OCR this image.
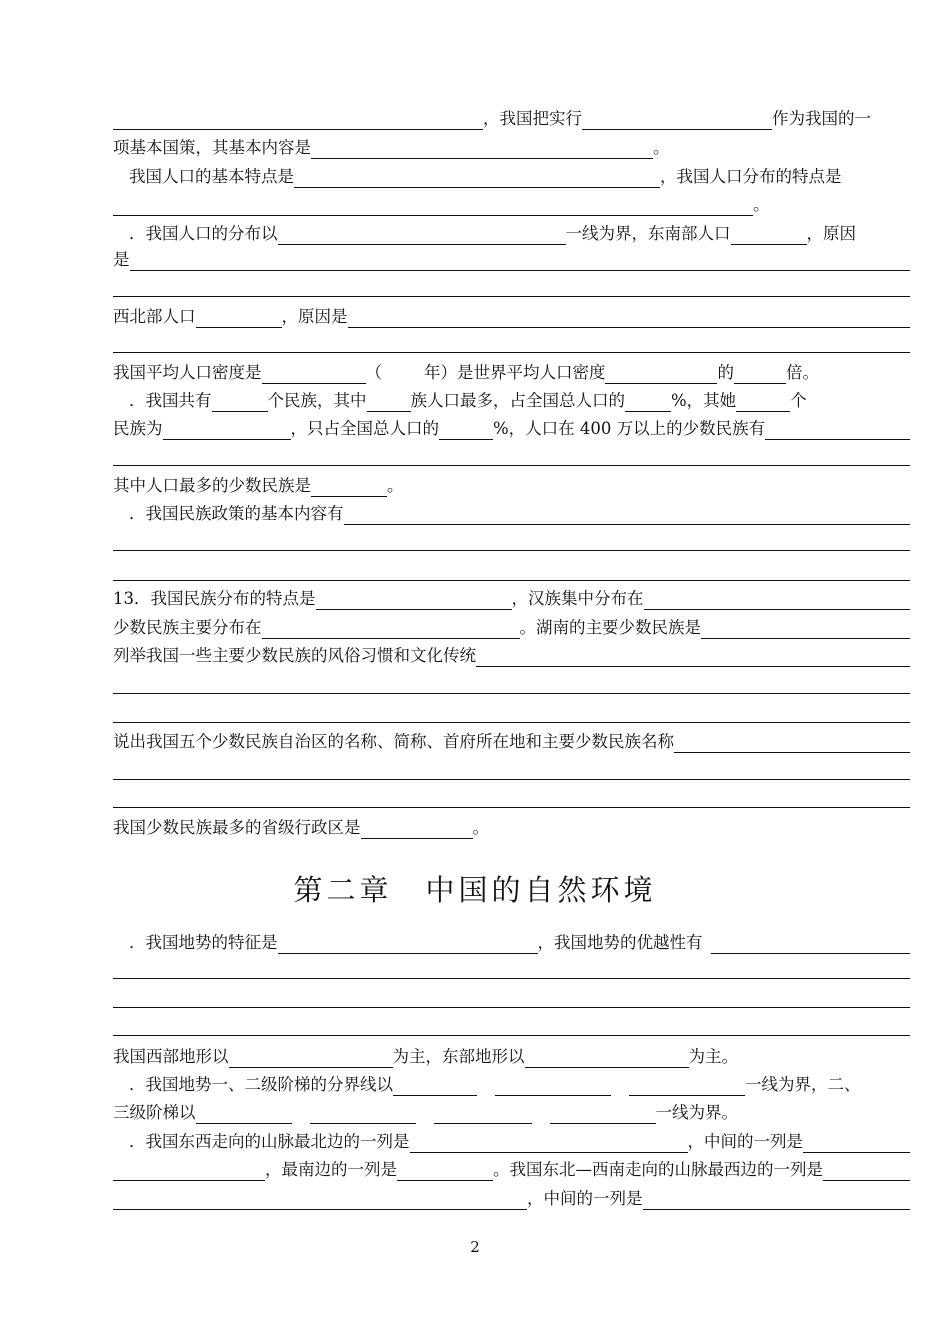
，我国把实行	作为我国的一
项基本国策，其基本内容是	。
我国人口的基本特点是	，我国人口分布的特点是
。
．我国人口的分布以	一线为界，东南部人口	，原因
是
西北部人口	，原因是
我国平均人口密度是	（        年）是世界平均人口密度	的	倍。
．我国共有	个民族，其中	族人口最多，占全国总人口的	%，其她	个
民族为	，只占全国总人口的	%，人口在 400 万以上的少数民族有
其中人口最多的少数民族是	。
．我国民族政策的基本内容有
13．我国民族分布的特点是	，汉族集中分布在
少数民族主要分布在	。湖南的主要少数民族是
列举我国一些主要少数民族的风俗习惯和文化传统
说出我国五个少数民族自治区的名称、简称、首府所在地和主要少数民族名称
我国少数民族最多的省级行政区是	。
第二章　中国的自然环境
．我国地势的特征是	，我国地势的优越性有
我国西部地形以	为主，东部地形以	为主。
．我国地势一、二级阶梯的分界线以	一线为界，二、
三级阶梯以	一线为界。
．我国东西走向的山脉最北边的一列是	，中间的一列是
，最南边的一列是	。我国东北—西南走向的山脉最西边的一列是
，中间的一列是
2
